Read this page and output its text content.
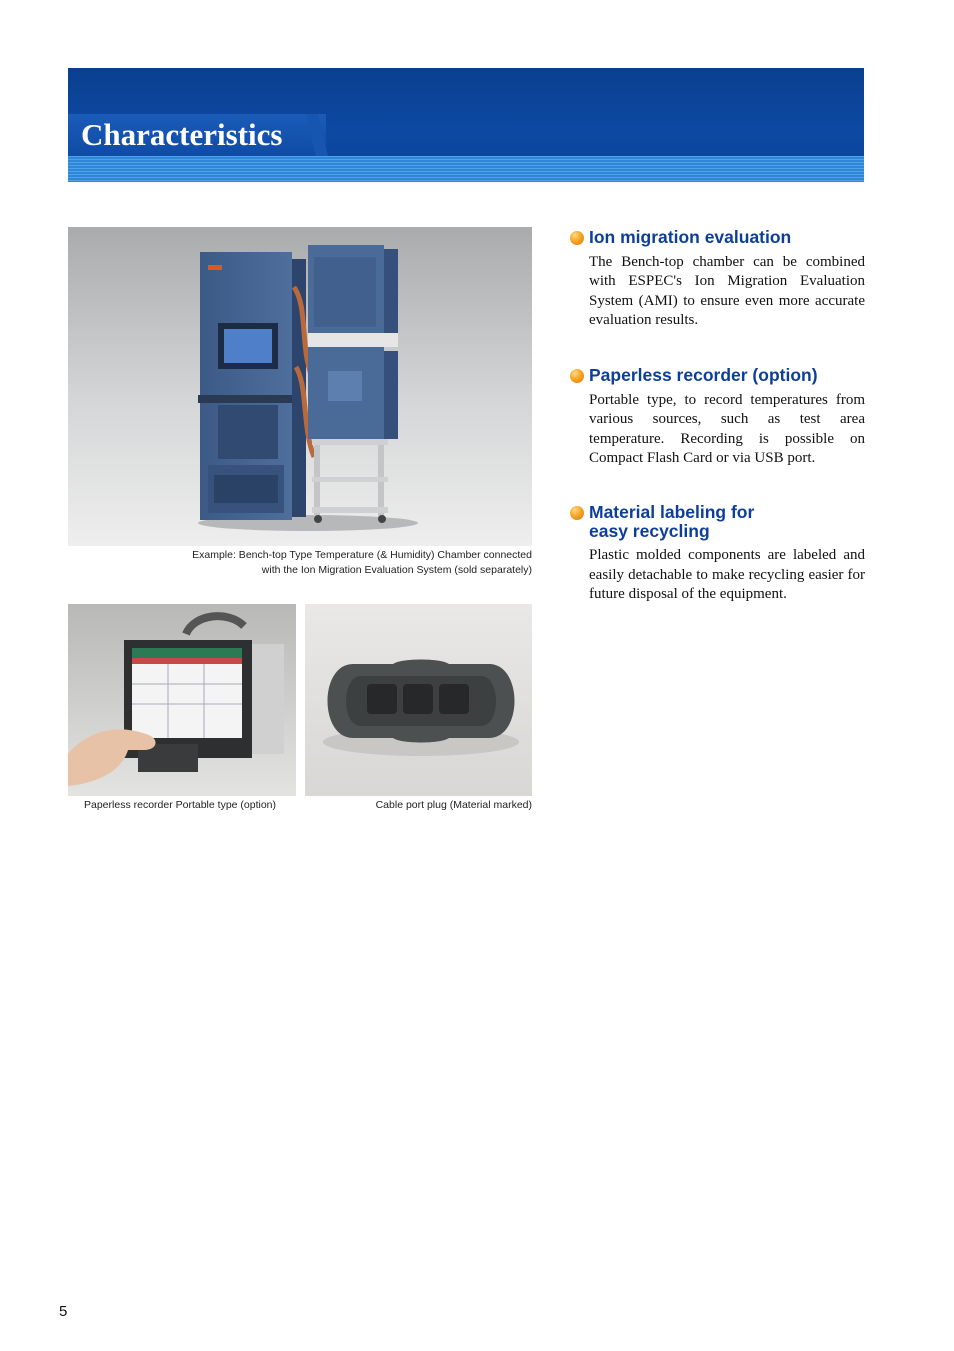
Characteristics
Example: Bench-top Type Temperature (& Humidity) Chamber connected
with the Ion Migration Evaluation System (sold separately)
Paperless recorder Portable type (option)	Cable port plug (Material marked)
Ion migration evaluation

The Bench-top chamber can be combined with ESPEC's Ion Migration Evaluation System (AMI) to ensure even more accurate evaluation results.

Paperless recorder (option)

Portable type, to record temperatures from various sources, such as test area temperature. Recording is possible on Compact Flash Card or via USB port.

Material labeling for
easy recycling

Plastic molded components are labeled and easily detachable to make recycling easier for future disposal of the equipment.

5
